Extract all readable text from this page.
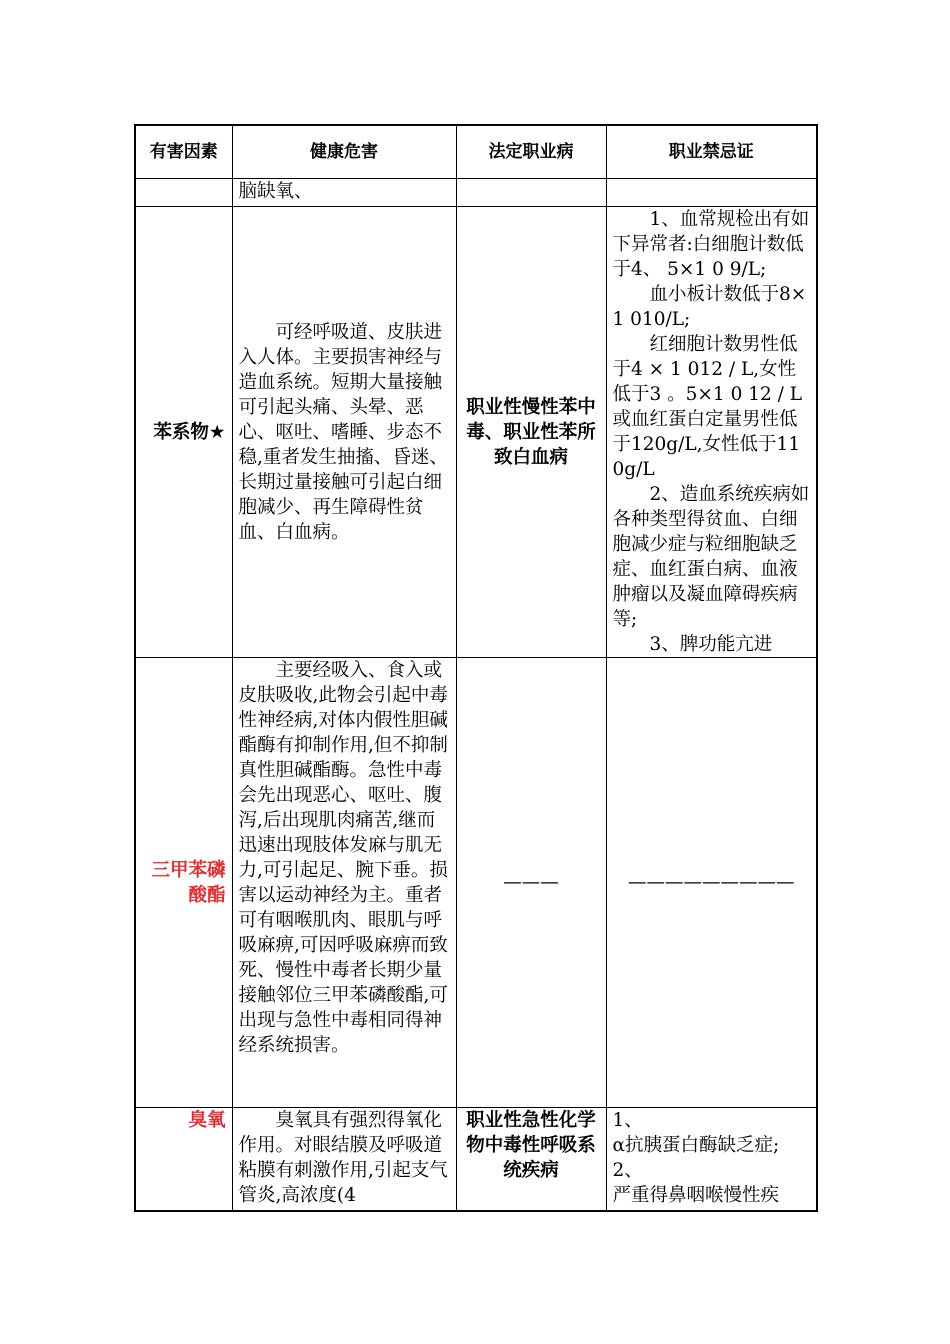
有害因素	健康危害	法定职业病	职业禁忌证
	脑缺氧、		
苯系物★	可经呼吸道、皮肤进入人体。主要损害神经与造血系统。短期大量接触可引起头痛、头晕、恶心、呕吐、嗜睡、步态不稳,重者发生抽搐、昏迷、长期过量接触可引起白细胞减少、再生障碍性贫血、白血病。	职业性慢性苯中毒、职业性苯所致白血病	1、血常规检出有如下异常者:白细胞计数低于4、 5×1 0 9/L;

血小板计数低于8×1 010/L;

红细胞计数男性低于4 × 1 012 / L,女性低于3 。5×1 0 12 / L或血红蛋白定量男性低于120g/L,女性低于110g/L

2、造血系统疾病如各种类型得贫血、白细胞减少症与粒细胞缺乏症、血红蛋白病、血液肿瘤以及凝血障碍疾病等;

3、脾功能亢进

三甲苯磷酸酯	主要经吸入、食入或皮肤吸收,此物会引起中毒性神经病,对体内假性胆碱酯酶有抑制作用,但不抑制真性胆碱酯酶。急性中毒会先出现恶心、呕吐、腹泻,后出现肌肉痛苦,继而迅速出现肢体发麻与肌无力,可引起足、腕下垂。损害以运动神经为主。重者可有咽喉肌肉、眼肌与呼吸麻痹,可因呼吸麻痹而致死、慢性中毒者长期少量接触邻位三甲苯磷酸酯,可出现与急性中毒相同得神经系统损害。	———	—————————
臭氧	臭氧具有强烈得氧化作用。对眼结膜及呼吸道粘膜有刺激作用,引起支气管炎,高浓度(4	职业性急性化学物中毒性呼吸系统疾病	1、

α抗胰蛋白酶缺乏症;

2、

严重得鼻咽喉慢性疾
